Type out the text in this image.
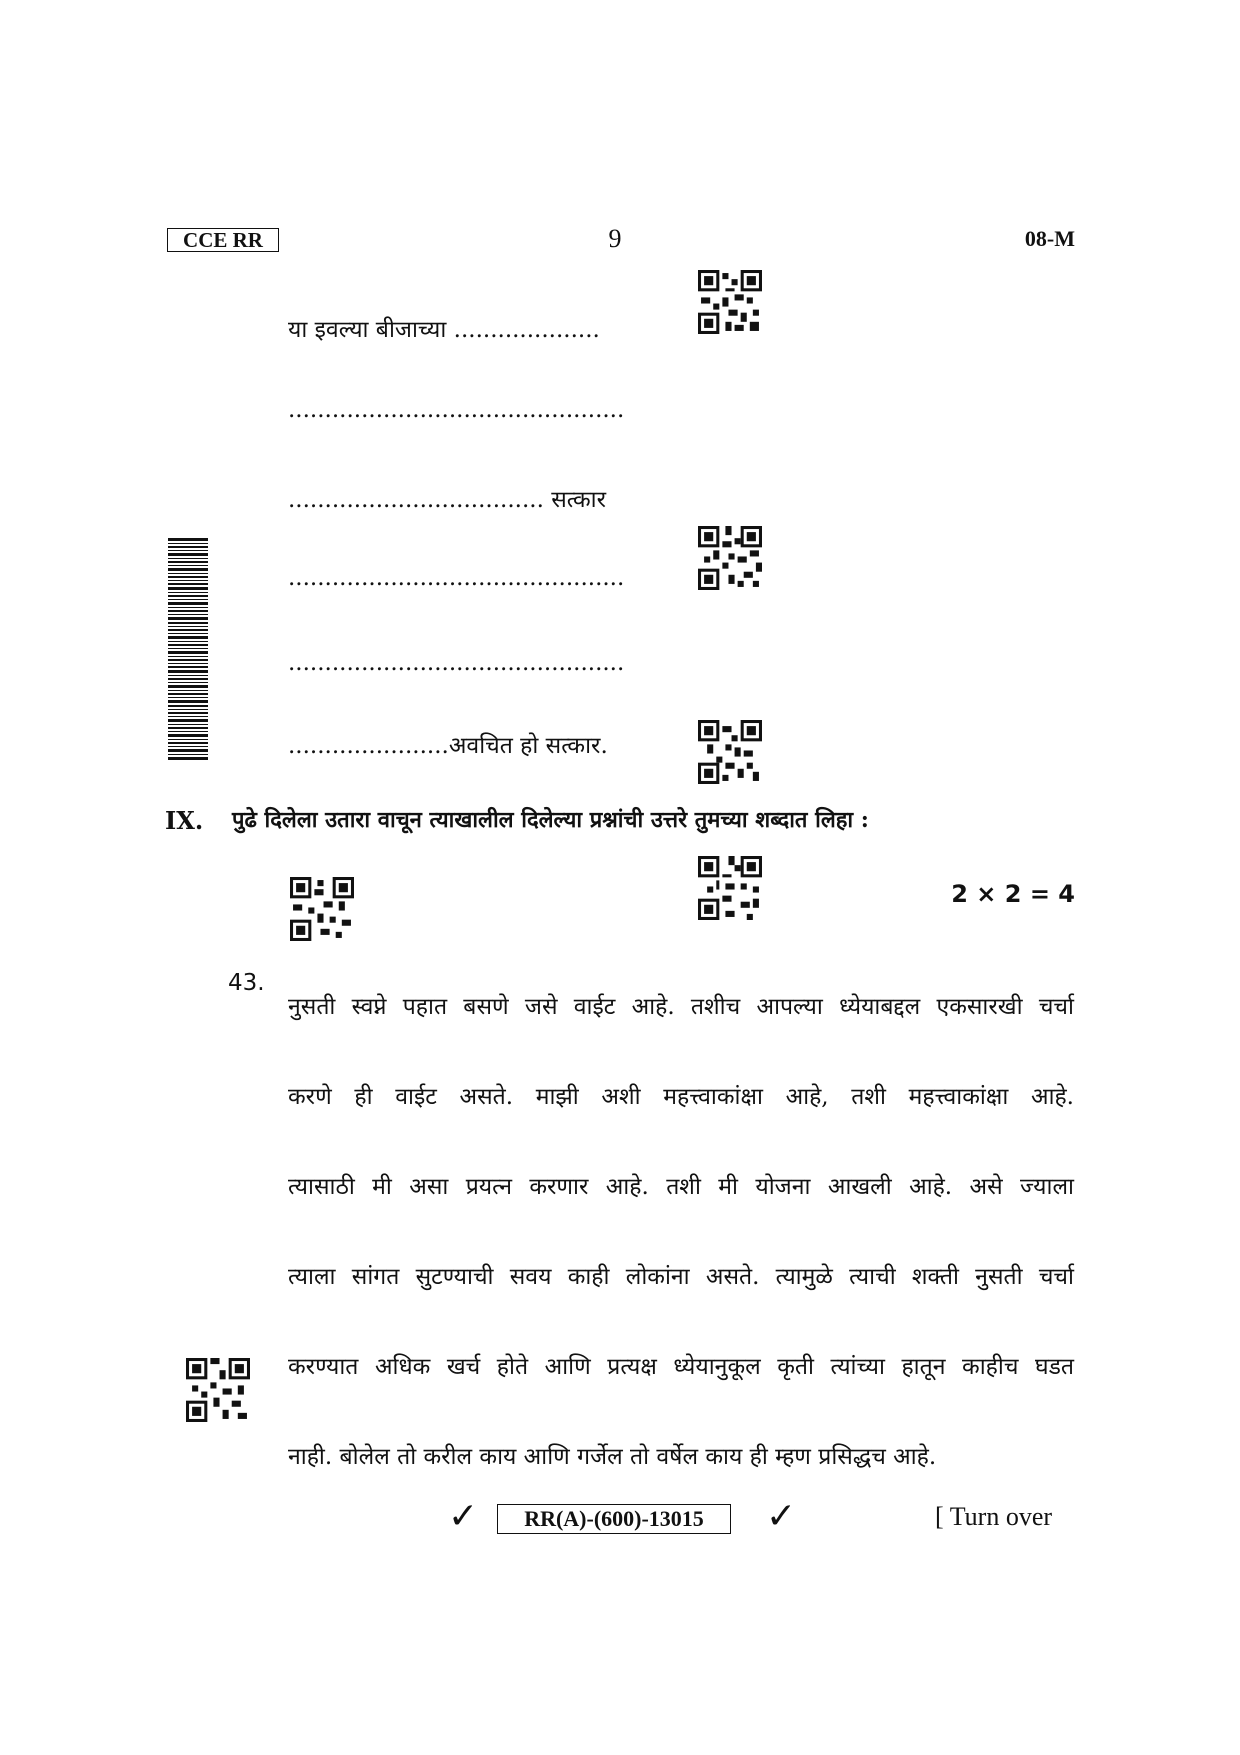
CCE RR	9	08-M
या इवल्या बीजाच्या ....................
..............................................
................................... सत्कार
..............................................
..............................................
......................अवचित हो सत्कार.
IX. पुढे दिलेला उतारा वाचून त्याखालील दिलेल्या प्रश्नांची उत्तरे तुमच्या शब्दात लिहा :
2 × 2 = 4
43.

नुसती स्वप्ने पहात बसणे जसे वाईट आहे. तशीच आपल्या ध्येयाबद्दल एकसारखी चर्चा

करणे ही वाईट असते. माझी अशी महत्त्वाकांक्षा आहे, तशी महत्त्वाकांक्षा आहे.

त्यासाठी मी असा प्रयत्न करणार आहे. तशी मी योजना आखली आहे. असे ज्याला

त्याला सांगत सुटण्याची सवय काही लोकांना असते. त्यामुळे त्याची शक्ती नुसती चर्चा

करण्यात अधिक खर्च होते आणि प्रत्यक्ष ध्येयानुकूल कृती त्यांच्या हातून काहीच घडत

नाही. बोलेल तो करील काय आणि गर्जेल तो वर्षेल काय ही म्हण प्रसिद्धच आहे.

✓	RR(A)-(600)-13015	✓	[ Turn over
